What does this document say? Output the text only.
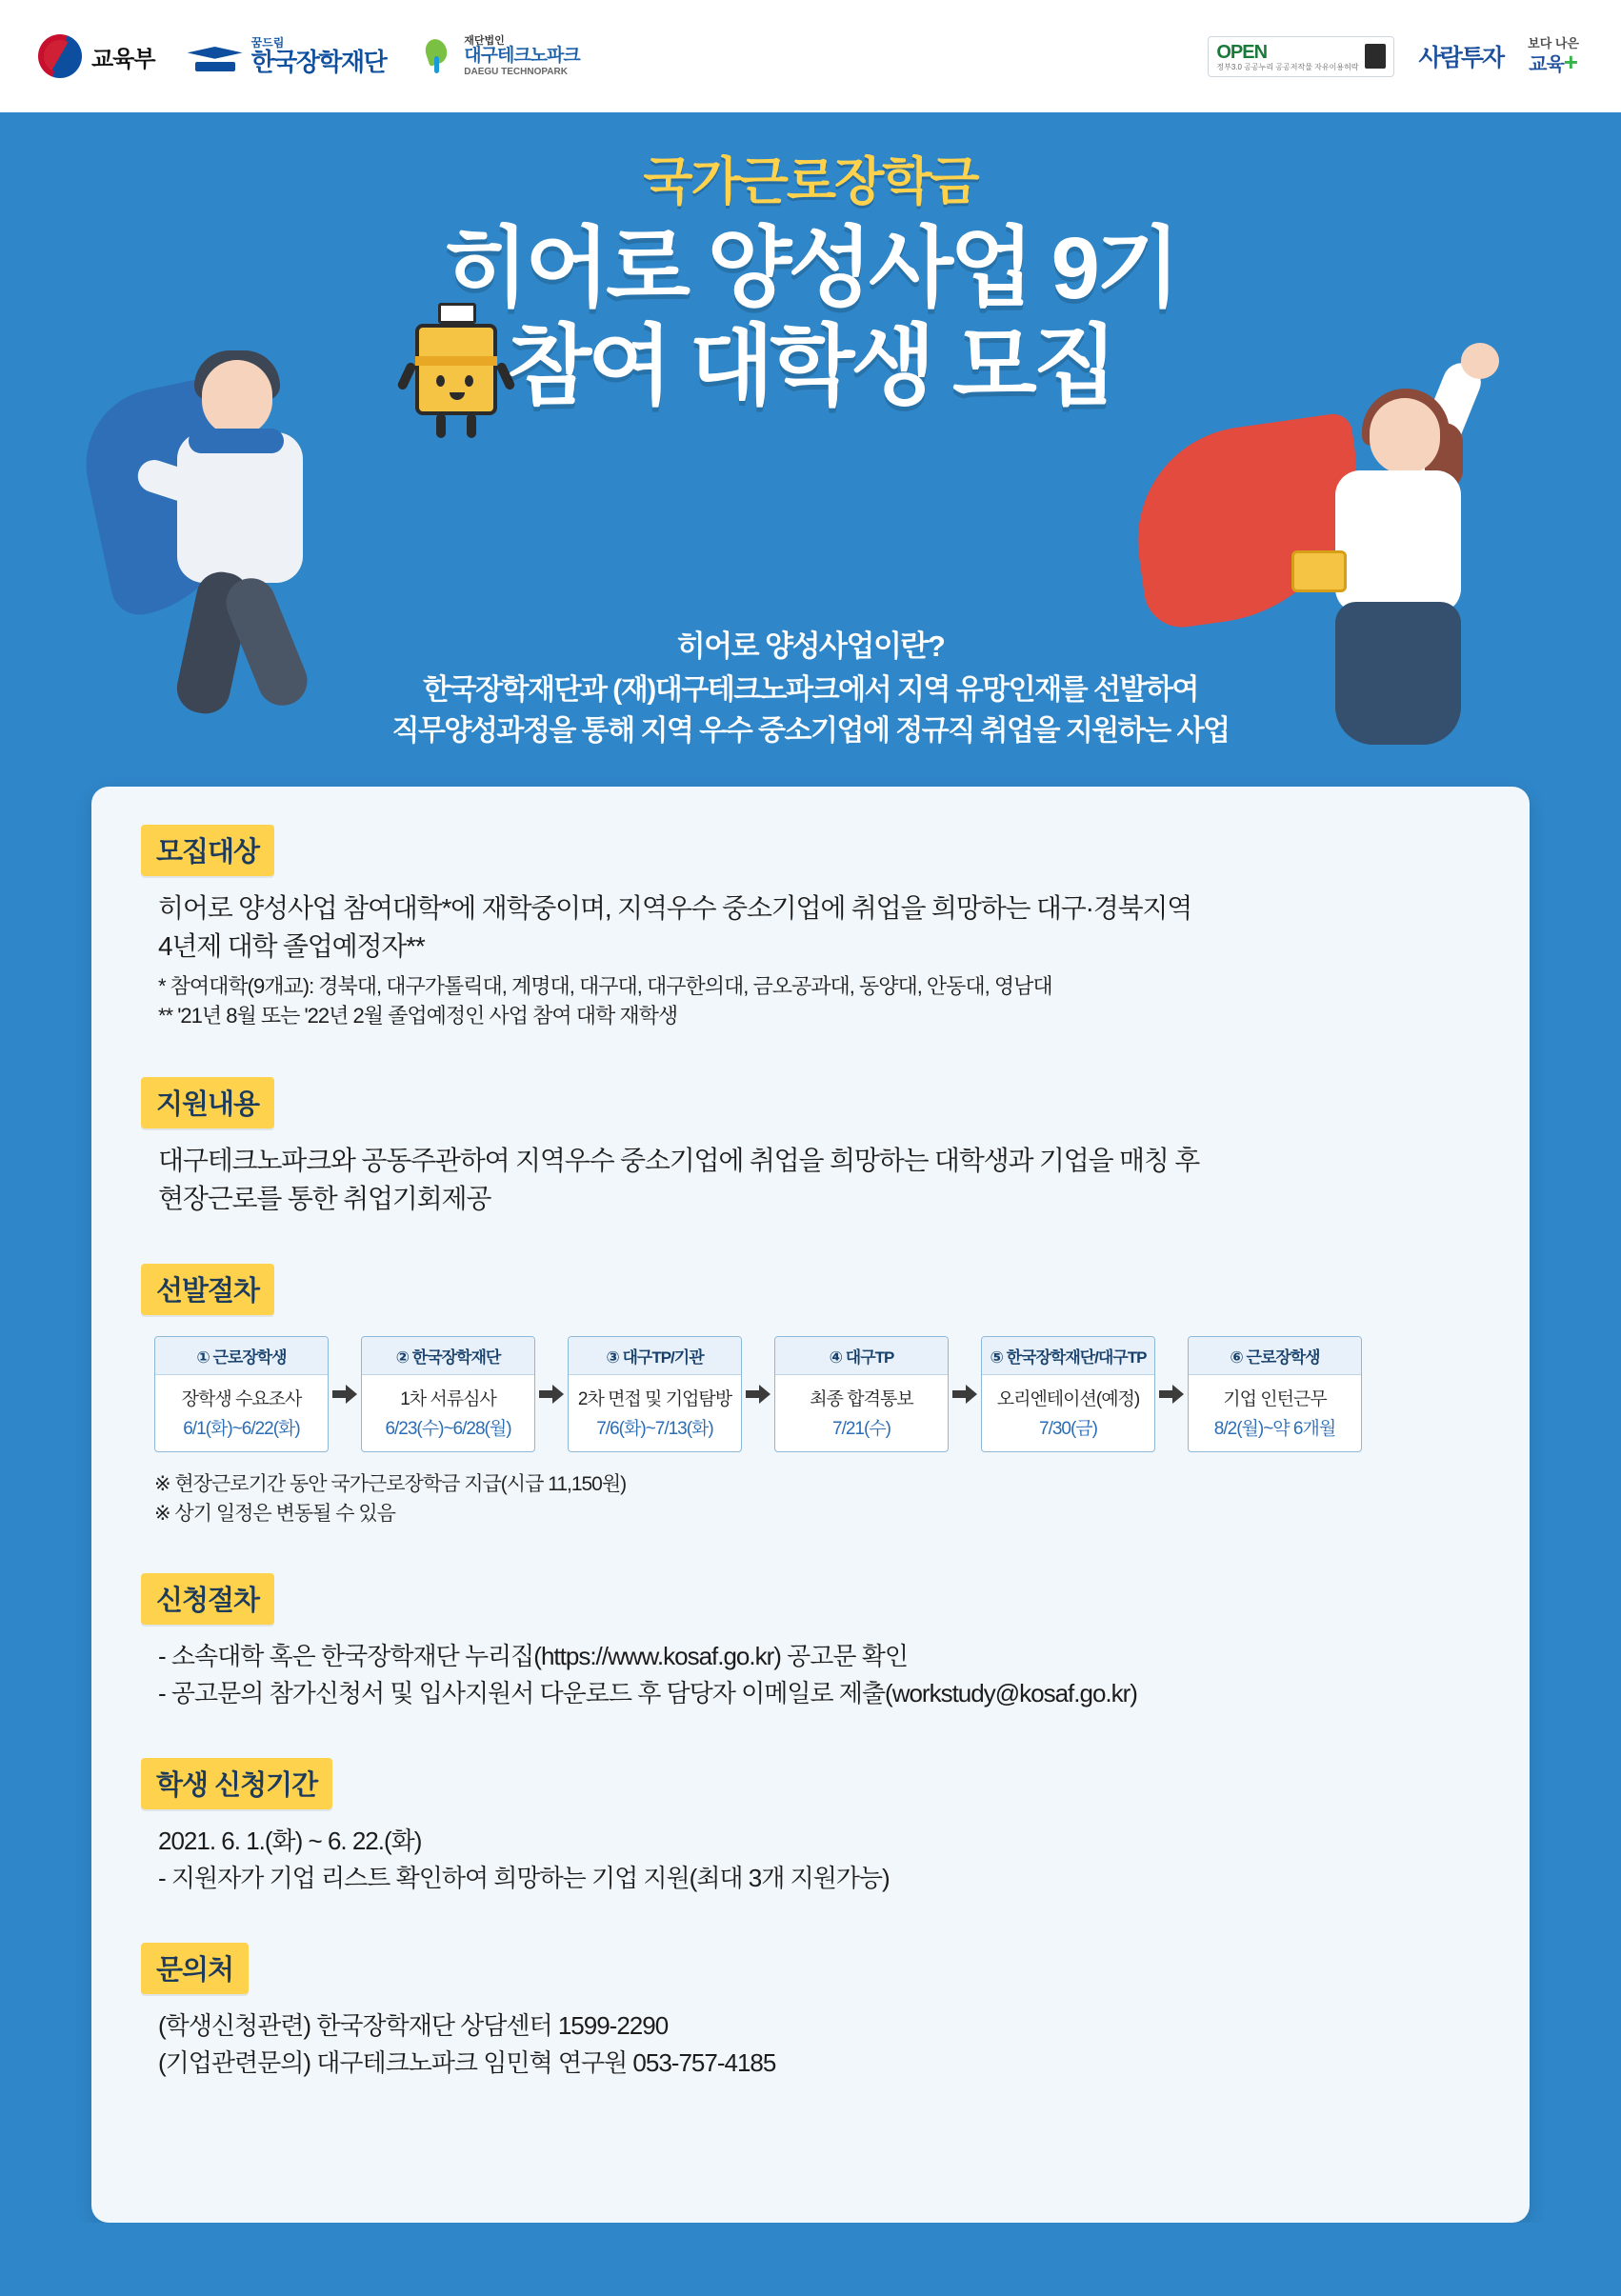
교육부
꿈드림
한국장학재단
재단법인
대구테크노파크
DAEGU TECHNOPARK
OPEN
정부3.0 공공누리 공공저작물 자유이용허락	사람투자
보다 나은
교육+
국가근로장학금
히어로 양성사업 9기
참여 대학생 모집
히어로 양성사업이란?
한국장학재단과 (재)대구테크노파크에서 지역 유망인재를 선발하여
직무양성과정을 통해 지역 우수 중소기업에 정규직 취업을 지원하는 사업
모집대상
히어로 양성사업 참여대학*에 재학중이며, 지역우수 중소기업에 취업을 희망하는 대구·경북지역
4년제 대학 졸업예정자**
* 참여대학(9개교): 경북대, 대구가톨릭대, 계명대, 대구대, 대구한의대, 금오공과대, 동양대, 안동대, 영남대
** '21년 8월 또는 '22년 2월 졸업예정인 사업 참여 대학 재학생
지원내용
대구테크노파크와 공동주관하여 지역우수 중소기업에 취업을 희망하는 대학생과 기업을 매칭 후
현장근로를 통한 취업기회제공
선발절차
① 근로장학생
장학생 수요조사
6/1(화)~6/22(화)
② 한국장학재단
1차 서류심사
6/23(수)~6/28(월)
③ 대구TP/기관
2차 면접 및 기업탐방
7/6(화)~7/13(화)
④ 대구TP
최종 합격통보
7/21(수)
⑤ 한국장학재단/대구TP
오리엔테이션(예정)
7/30(금)
⑥ 근로장학생
기업 인턴근무
8/2(월)~약 6개월
※ 현장근로기간 동안 국가근로장학금 지급(시급 11,150원)
※ 상기 일정은 변동될 수 있음
신청절차
- 소속대학 혹은 한국장학재단 누리집(https://www.kosaf.go.kr) 공고문 확인
- 공고문의 참가신청서 및 입사지원서 다운로드 후 담당자 이메일로 제출(workstudy@kosaf.go.kr)
학생 신청기간
2021. 6. 1.(화) ~ 6. 22.(화)
- 지원자가 기업 리스트 확인하여 희망하는 기업 지원(최대 3개 지원가능)
문의처
(학생신청관련) 한국장학재단 상담센터 1599-2290
(기업관련문의) 대구테크노파크 임민혁 연구원 053-757-4185
